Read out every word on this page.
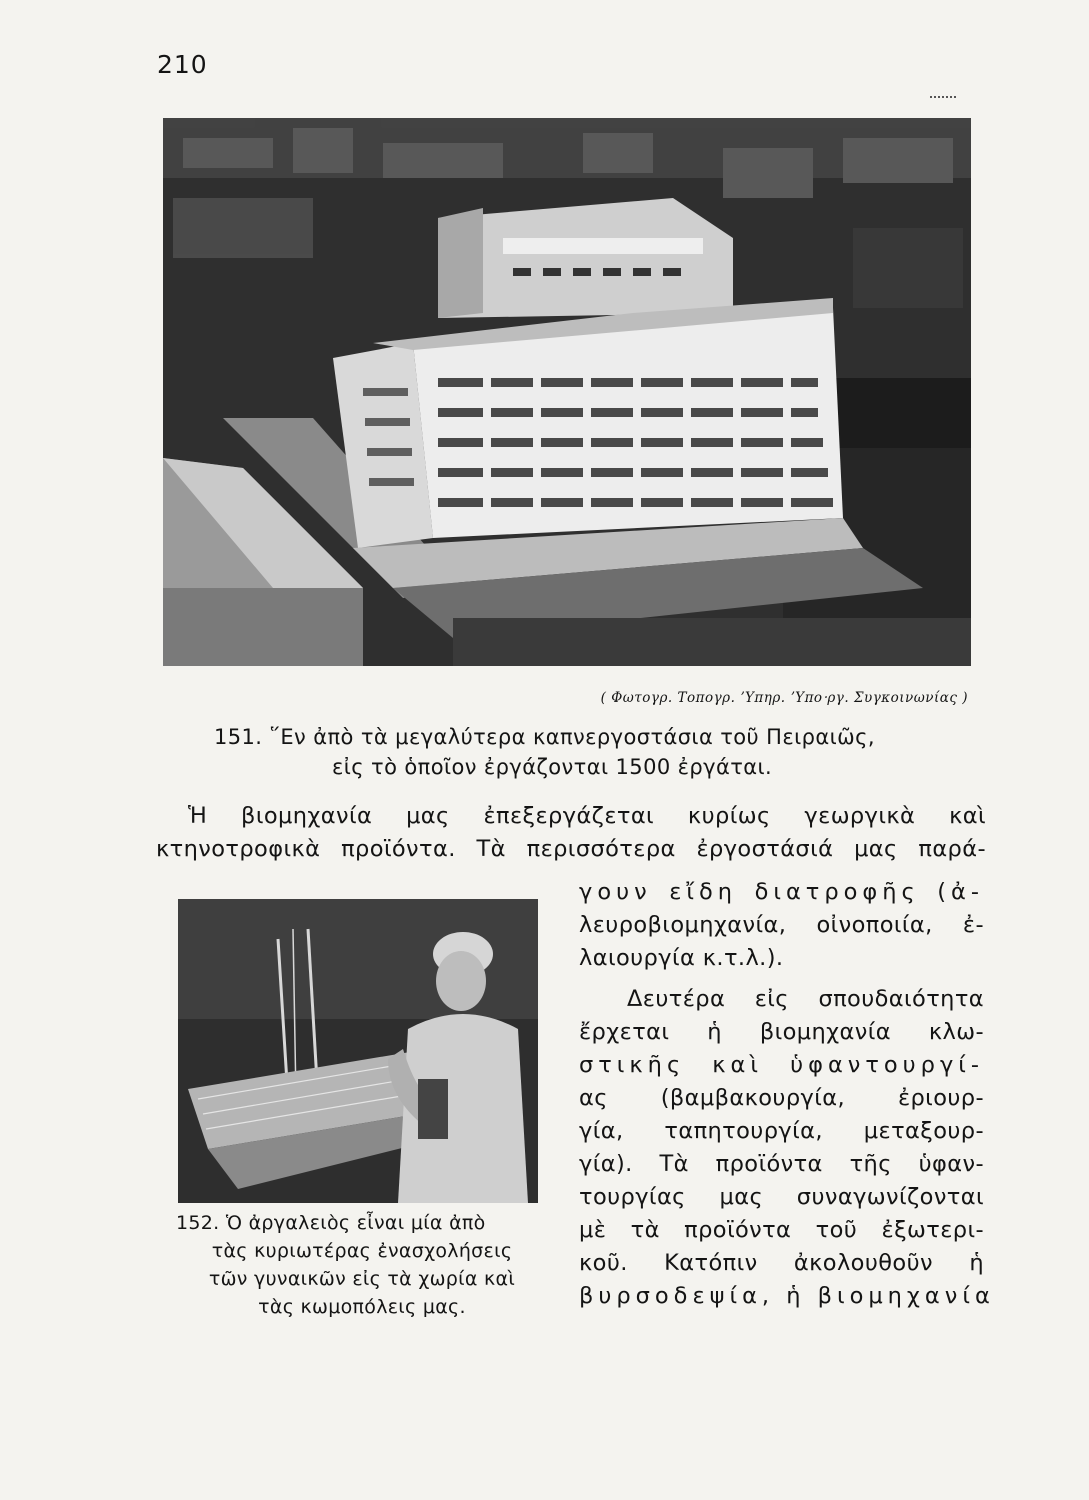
210
( Φωτογρ. Τοπογρ. ʼΥπηρ. ʼΥπο‧ργ. Συγκοινωνίας )
151. ῞Εν ἀπὸ τὰ μεγαλύτερα καπνεργοστάσια τοῦ Πειραιῶς,
εἰς τὸ ὁποῖον ἐργάζονται 1500 ἐργάται.
Ἡ βιομηχανία μας ἐπεξεργάζεται κυρίως γεωργικὰ καὶ
κτηνοτροφικὰ προϊόντα. Τὰ περισσότερα ἐργοστάσιά μας παρά-
γουν εἴδη διατροφῆς (ἀ-
λευροβιομηχανία, οἰνοποιία, ἐ-
λαιουργία κ.τ.λ.).
Δευτέρα εἰς σπουδαιότητα
ἔρχεται ἡ βιομηχανία κλω-
στικῆς καὶ ὑφαντουργί-
ας (βαμβακουργία, ἐριουρ-
γία, ταπητουργία, μεταξουρ-
γία). Τὰ προϊόντα τῆς ὑφαν-
τουργίας μας συναγωνίζονται
μὲ τὰ προϊόντα τοῦ ἐξωτερι-
κοῦ. Κατόπιν ἀκολουθοῦν ἡ
βυρσοδεψία, ἡ βιομηχανία
152. Ὁ ἀργαλειὸς εἶναι μία ἀπὸ
τὰς κυριωτέρας ἐνασχολήσεις
τῶν γυναικῶν εἰς τὰ χωρία καὶ
τὰς κωμοπόλεις μας.
